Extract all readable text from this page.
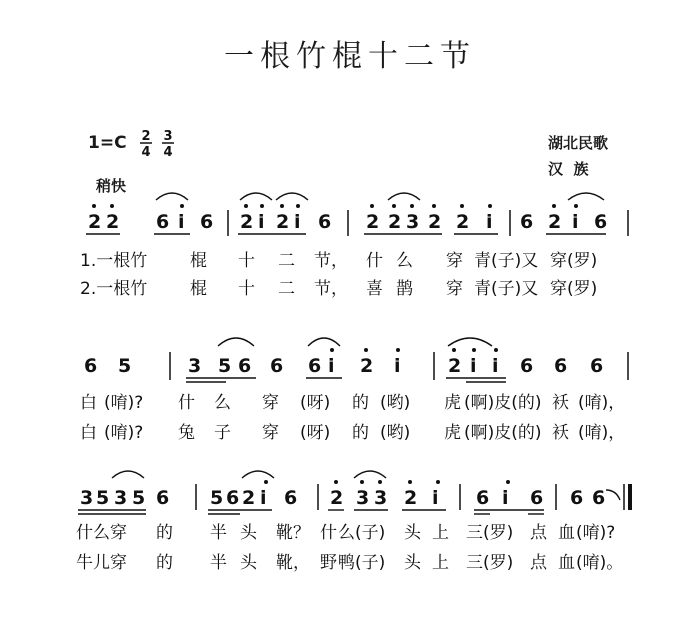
一根竹棍十二节
1=C 2
4
3
4
湖北民歌
汉  族
稍快
2 2 6 i 6 2 i 2 i 6 2 2 3 2 2 i 6 2 i 6
1.一根竹	棍 十 二 节， 什 么 穿 青(子)又 穿(罗)
2.一根竹	棍 十 二 节， 喜 鹊 穿 青(子)又 穿(罗)
6 5	3 5 6 6 6 i 2 i 2 i i 6 6 6
白 (唷)? 什 么 穿 (呀) 的 (哟) 虎 (啊)皮(的) 袄 (唷)，
白 (唷)? 兔 子 穿 (呀) 的 (哟) 虎 (啊)皮(的) 袄 (唷)，
3 5 3 5 6 5 6 2 i 6 2 3 3 2 i 6 i 6 6 6
什么穿 的 半 头 靴？ 什 么(子) 头 上 三(罗) 点 血 (唷)?
牛儿穿 的 半 头 靴， 野 鸭(子) 头 上 三(罗) 点 血 (唷)。
